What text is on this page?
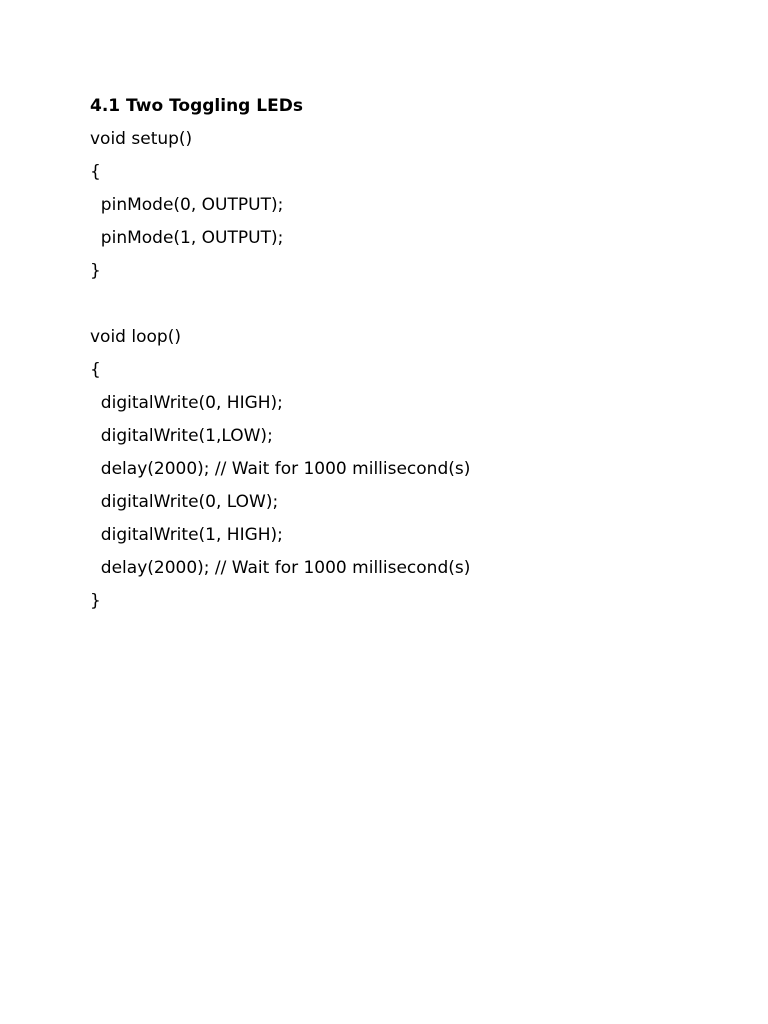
4.1 Two Toggling LEDs
void setup()
{
pinMode(0, OUTPUT);
pinMode(1, OUTPUT);
}
void loop()
{
digitalWrite(0, HIGH);
digitalWrite(1,LOW);
delay(2000); // Wait for 1000 millisecond(s)
digitalWrite(0, LOW);
digitalWrite(1, HIGH);
delay(2000); // Wait for 1000 millisecond(s)
}
